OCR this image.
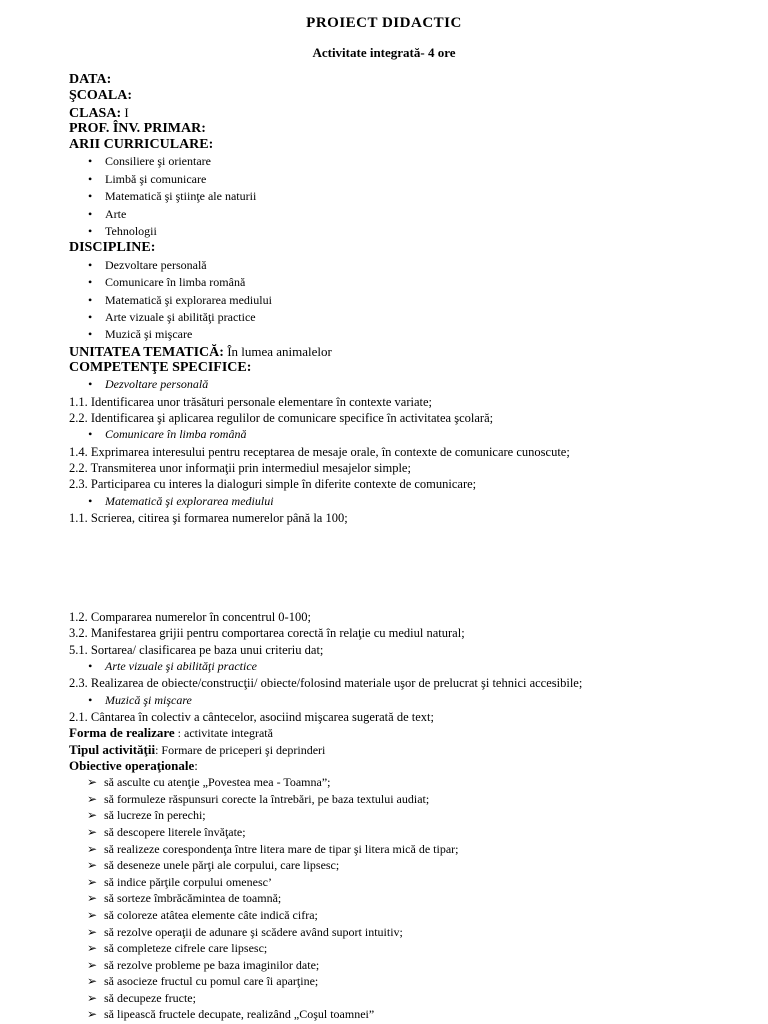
PROIECT DIDACTIC
Activitate integrată- 4 ore
DATA:
ŞCOALA:
CLASA: I
PROF. ÎNV. PRIMAR:
ARII CURRICULARE:
• Consiliere şi orientare
• Limbă şi comunicare
• Matematică şi ştiinţe ale naturii
• Arte
• Tehnologii
DISCIPLINE:
• Dezvoltare personală
• Comunicare în limba română
• Matematică şi explorarea mediului
• Arte vizuale şi abilităţi practice
• Muzică şi mişcare
UNITATEA TEMATICĂ: În lumea animalelor
COMPETENŢE SPECIFICE:
• Dezvoltare personală
1.1. Identificarea unor trăsături personale elementare în contexte variate;
2.2. Identificarea şi aplicarea regulilor de comunicare specifice în activitatea şcolară;
• Comunicare în limba română
1.4. Exprimarea interesului pentru receptarea de mesaje orale, în contexte de comunicare cunoscute;
2.2. Transmiterea unor informaţii prin intermediul mesajelor simple;
2.3. Participarea cu interes la dialoguri simple în diferite contexte de comunicare;
• Matematică şi explorarea mediului
1.1. Scrierea, citirea şi formarea numerelor până la 100;
1.2. Compararea numerelor în concentrul 0-100;
3.2. Manifestarea grijii pentru comportarea corectă în relaţie cu mediul natural;
5.1. Sortarea/ clasificarea pe baza unui criteriu dat;
• Arte vizuale şi abilităţi practice
2.3. Realizarea de obiecte/construcţii/ obiecte/folosind materiale uşor de prelucrat şi tehnici accesibile;
• Muzică şi mişcare
2.1. Cântarea în colectiv a cântecelor, asociind mişcarea sugerată de text;
Forma de realizare : activitate integrată
Tipul activităţii: Formare de priceperi şi deprinderi
Obiective operaţionale:
➢ să asculte cu atenţie „Povestea mea - Toamna”;
➢ să formuleze răspunsuri corecte la întrebări, pe baza textului audiat;
➢ să lucreze în perechi;
➢ să descopere literele învăţate;
➢ să realizeze corespondenţa între litera mare de tipar şi litera mică de tipar;
➢ să deseneze unele părţi ale corpului, care lipsesc;
➢ să indice părţile corpului omenesc’
➢ să sorteze îmbrăcămintea de toamnă;
➢ să coloreze atâtea elemente câte indică cifra;
➢ să rezolve operaţii de adunare şi scădere având suport intuitiv;
➢ să completeze cifrele care lipsesc;
➢ să rezolve probleme pe baza imaginilor date;
➢ să asocieze fructul cu pomul care îi aparţine;
➢ să decupeze fructe;
➢ să lipească fructele decupate, realizând „Coşul toamnei”
